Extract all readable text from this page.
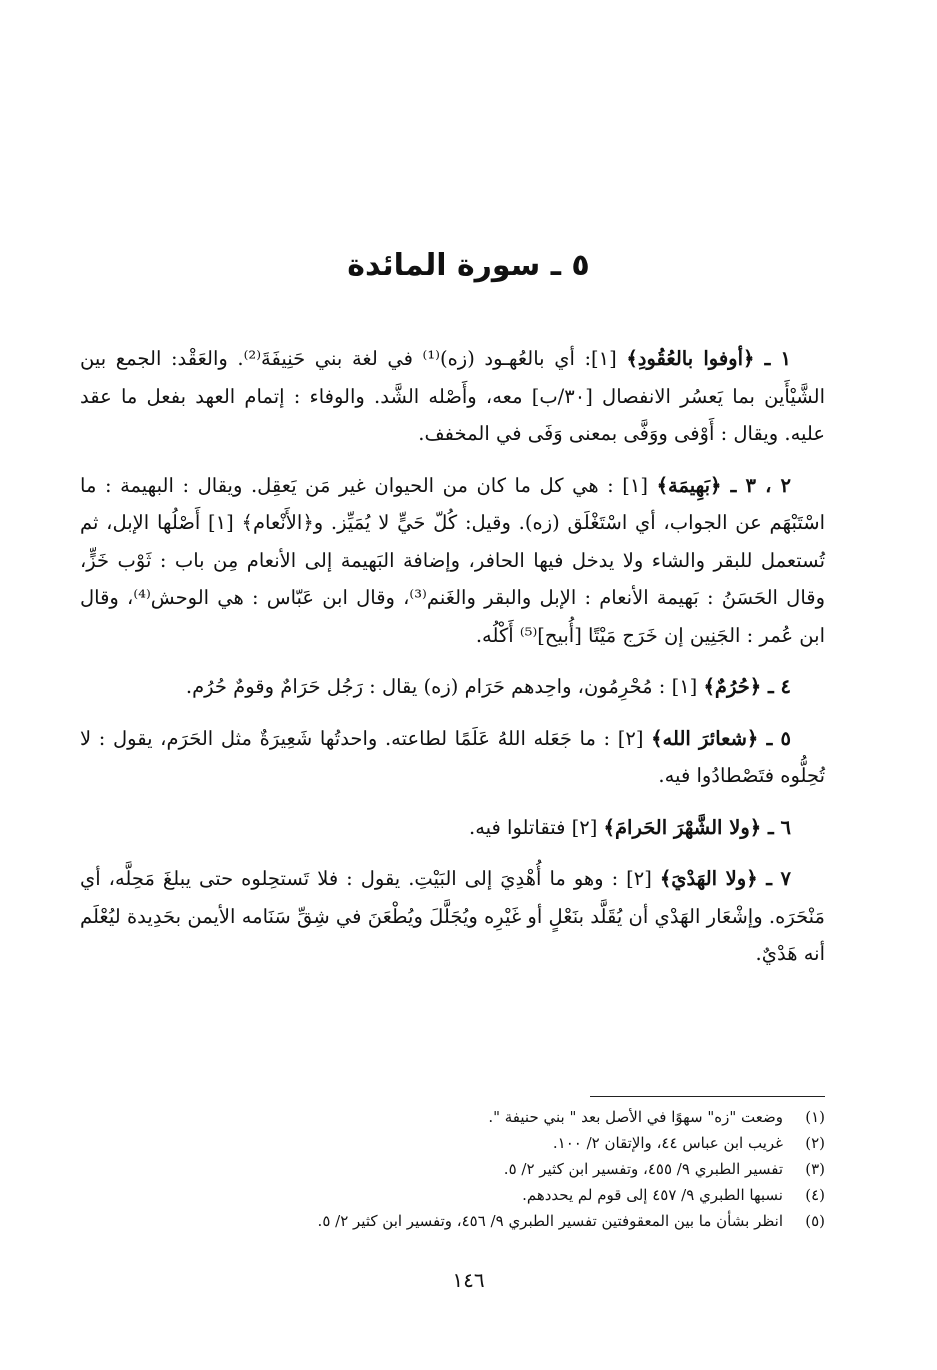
٥ ـ سورة المائدة

١ ـ ﴿أوفوا بالعُقُودِ﴾ [١]: أي بالعُهـود (زه)⁽¹⁾ في لغة بني حَنِيفَةَ⁽²⁾. والعَقْد: الجمع بين الشَّيْأَين بما يَعسُر الانفصال [٣٠/ب] معه، وأَصْله الشَّد. والوفاء : إتمام العهد بفعل ما عقد عليه. ويقال : أَوْفى ووَفَّى بمعنى وَفَى في المخفف.

٢ ، ٣ ـ ﴿بَهِيمَة﴾ [١] : هي كل ما كان من الحيوان غير مَن يَعقِل. ويقال : البهيمة : ما اسْتَبْهَم عن الجواب، أي اسْتَغْلَق (زه). وقيل: كُلّ حَيٍّ لا يُمَيِّز. و﴿الأَنْعام﴾ [١] أَصْلُها الإبل، ثم تُستعمل للبقر والشاء ولا يدخل فيها الحافر، وإضافة البَهيمة إلى الأنعام مِن باب : ثَوْب خَزٍّ، وقال الحَسَنُ : بَهيمة الأنعام : الإبل والبقر والغَنم⁽³⁾، وقال ابن عَبّاس : هي الوحش⁽⁴⁾، وقال ابن عُمر : الجَنِين إن خَرَج مَيْتًا [أُبيح]⁽⁵⁾ أَكْلُه.

٤ ـ ﴿حُرُمٌ﴾ [١] : مُحْرِمُون، واحِدهم حَرَام (زه) يقال : رَجُل حَرَامٌ وقومٌ حُرُم.

٥ ـ ﴿شعائرَ الله﴾ [٢] : ما جَعَله اللهُ عَلَمًا لطاعته. واحدتُها شَعِيرَةٌ مثل الحَرَم، يقول : لا تُحِلُّوه فتَصْطادُوا فيه.

٦ ـ ﴿ولا الشَّهْرَ الحَرامَ﴾ [٢] فتقاتلوا فيه.

٧ ـ ﴿ولا الهَدْيَ﴾ [٢] : وهو ما أُهْدِيَ إلى البَيْتِ. يقول : فلا تَستحِلوه حتى يبلغَ مَحِلَّه، أي مَنْحَرَه. وإشْعَار الهَدْي أن يُقَلَّد بنَعْلٍ أو غَيْرِه ويُجَلَّلَ ويُطْعَنَ في شِقِّ سَنَامه الأيمن بحَدِيدة ليُعْلَم أنه هَدْيٌ.

(١)
وضعت "زه" سهوًا في الأصل بعد " بني حنيفة ".
(٢)
غريب ابن عباس ٤٤، والإتقان ٢/ ١٠٠.
(٣)
تفسير الطبري ٩/ ٤٥٥، وتفسير ابن كثير ٢/ ٥.
(٤)
نسبها الطبري ٩/ ٤٥٧ إلى قوم لم يحددهم.
(٥)
انظر بشأن ما بين المعقوفتين تفسير الطبري ٩/ ٤٥٦، وتفسير ابن كثير ٢/ ٥.
١٤٦
